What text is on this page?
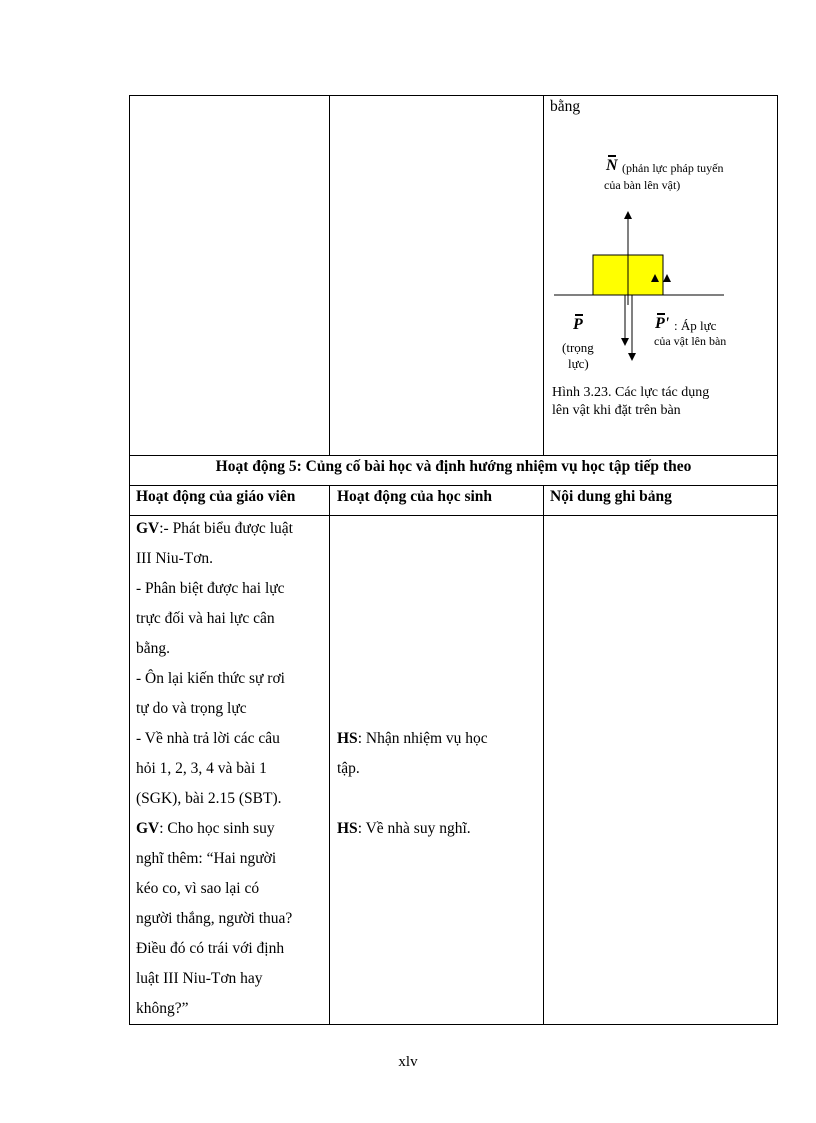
bằng
N (phản lực pháp tuyến
của bàn lên vật)
P
(trọng
lực)
P' : Áp lực
của vật lên bàn
Hình 3.23. Các lực tác dụng
lên vật khi đặt trên bàn
Hoạt động 5: Củng cố bài học và định hướng nhiệm vụ học tập tiếp theo
Hoạt động của giáo viên	Hoạt động của học sinh	Nội dung ghi bảng
GV:- Phát biểu được luật
III Niu-Tơn.
- Phân biệt được hai lực
trực đối và hai lực cân
bằng.
- Ôn lại kiến thức sự rơi
tự do và trọng lực
- Về nhà trả lời các câu
hỏi 1, 2, 3, 4 và bài 1
(SGK), bài 2.15 (SBT).
GV: Cho học sinh suy
nghĩ thêm: “Hai người
kéo co, vì sao lại có
người thắng, người thua?
Điều đó có trái với định
luật III Niu-Tơn hay
không?”
HS: Nhận nhiệm vụ học
tập.
HS: Về nhà suy nghĩ.
xlv
